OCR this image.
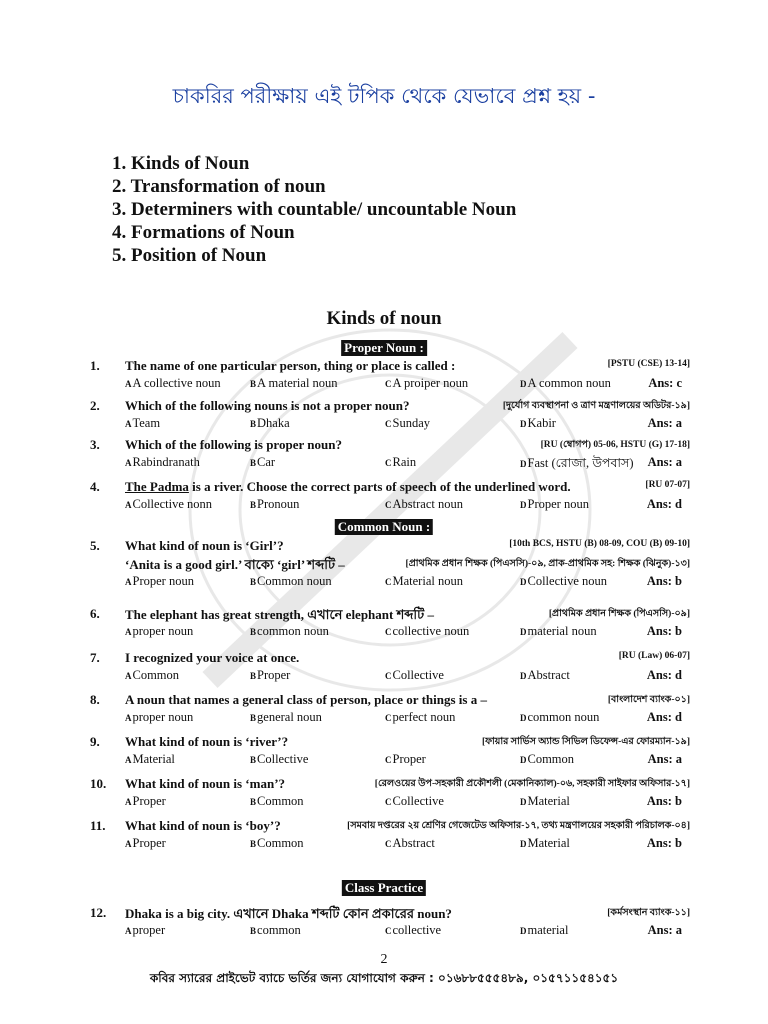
চাকরির পরীক্ষায় এই টপিক থেকে যেভাবে প্রশ্ন হয় -
1. Kinds of Noun
2. Transformation of noun
3. Determiners with countable/ uncountable Noun
4. Formations of Noun
5. Position of Noun
Kinds of noun
Proper Noun :
Common Noun :
Class Practice
1. The name of one particular person, thing or place is called :	[PSTU (CSE) 13-14]
AA collective noun	BA material noun	CA proiper noun	DA common noun	Ans: c
2. Which of the following nouns is not a proper noun?	[দুর্যোগ ব্যবস্থাপনা ও ত্রাণ মন্ত্রণালয়ের অডিটর-১৯]
ATeam	BDhaka	CSunday	DKabir	Ans: a
3. Which of the following is proper noun?	[RU (ম্বোগপ) 05-06, HSTU (G) 17-18]
ARabindranath	BCar	CRain	DFast (রোজা, উপবাস) Ans: a
4. The Padma is a river. Choose the correct parts of speech of the underlined word.	[RU 07-07]
ACollective nonn	BPronoun	CAbstract noun	DProper noun	Ans: d
5. What kind of noun is ‘Girl’?	[10th BCS, HSTU (B) 08-09, COU (B) 09-10]
‘Anita is a good girl.’ বাক্যে ‘girl’ শব্দটি –	[প্রাথমিক প্রধান শিক্ষক (পিএসসি)-০৯, প্রাক-প্রাথমিক সহ: শিক্ষক (ঝিনুক)-১৩]
AProper noun	BCommon noun	CMaterial noun	DCollective noun	Ans: b
6. The elephant has great strength, এখানে elephant শব্দটি –	[প্রাথমিক প্রধান শিক্ষক (পিএসসি)-০৯]
Aproper noun	Bcommon noun	Ccollective noun	Dmaterial noun	Ans: b
7. I recognized your voice at once.	[RU (Law) 06-07]
ACommon	BProper	CCollective	DAbstract	Ans: d
8. A noun that names a general class of person, place or things is a –	[বাংলাদেশ ব্যাংক-০১]
Aproper noun	Bgeneral noun	Cperfect noun	Dcommon noun	Ans: d
9. What kind of noun is ‘river’?	[ফায়ার সার্ভিস অ্যান্ড সিভিল ডিফেন্স-এর ফোরম্যান-১৯]
AMaterial	BCollective	CProper	DCommon	Ans: a
10. What kind of noun is ‘man’?	[রেলওয়ের উপ-সহকারী প্রকৌশলী (মেকানিক্যাল)-০৬, সহকারী সাইফার অফিসার-১৭]
AProper	BCommon	CCollective	DMaterial	Ans: b
11. What kind of noun is ‘boy’?	[সমবায় দপ্তরের ২য় শ্রেণির গেজেটেড অফিসার-১৭, তথ্য মন্ত্রণালয়ের সহকারী পরিচালক-০৪]
AProper	BCommon	CAbstract	DMaterial	Ans: b
12. Dhaka is a big city. এখানে Dhaka শব্দটি কোন প্রকারের noun?	[কর্মসংস্থান ব্যাংক-১১]
Aproper	Bcommon	Ccollective	Dmaterial	Ans: a
2
কবির স্যারের প্রাইভেট ব্যাচে ভর্তির জন্য যোগাযোগ করুন : ০১৬৮৮৫৫৫৪৮৯, ০১৫৭১১৫৪১৫১
